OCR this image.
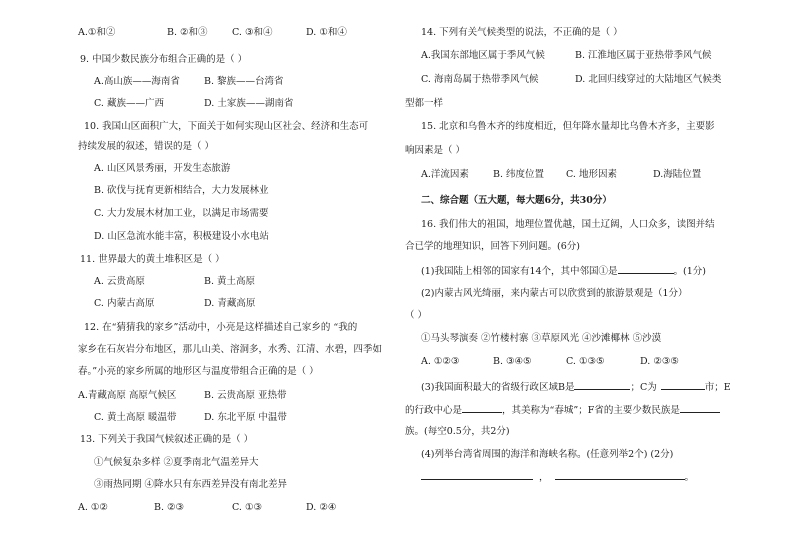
A.①和②	B. ②和③	C. ③和④	D. ①和④
9. 中国少数民族分布组合正确的是（ ）
A.高山族——海南省	B. 黎族——台湾省
C. 藏族——广西	D. 土家族——湖南省
10. 我国山区面积广大，下面关于如何实现山区社会、经济和生态可
持续发展的叙述，错误的是（ ）
A. 山区风景秀丽，开发生态旅游
B. 砍伐与抚育更新相结合，大力发展林业
C. 大力发展木材加工业，以满足市场需要
D. 山区急流水能丰富，积极建设小水电站
11. 世界最大的黄土堆积区是（ ）
A. 云贵高原	B. 黄土高原
C. 内蒙古高原	D. 青藏高原
12. 在“猜猜我的家乡”活动中，小亮是这样描述自己家乡的 “我的
家乡在石灰岩分布地区，那儿山美、溶洞多，水秀、江清、水碧，四季如
春。”小亮的家乡所属的地形区与温度带组合正确的是（ ）
A.青藏高原 高原气候区	B. 云贵高原 亚热带
C. 黄土高原 暖温带	D. 东北平原 中温带
13. 下列关于我国气候叙述正确的是（ ）
①气候复杂多样 ②夏季南北气温差异大
③雨热同期 ④降水只有东西差异没有南北差异
A. ①②	B. ②③	C. ①③	D. ②④
14. 下列有关气候类型的说法，不正确的是（ ）
A.我国东部地区属于季风气候	B. 江淮地区属于亚热带季风气候
C. 海南岛属于热带季风气候	D. 北回归线穿过的大陆地区气候类
型都一样
15. 北京和乌鲁木齐的纬度相近，但年降水量却比乌鲁木齐多，主要影
响因素是（ ）
A.洋流因素	B. 纬度位置 C. 地形因素	D.海陆位置
二、综合题（五大题，每大题6分，共30分）
16. 我们伟大的祖国，地理位置优越，国土辽阔，人口众多，读图并结
合已学的地理知识，回答下列问题。(6分)
(1)我国陆上相邻的国家有14个，其中邻国①是	。(1分)
(2)内蒙古风光绮丽，来内蒙古可以欣赏到的旅游景观是（1分）
（ ）
①马头琴演奏 ②竹楼村寨 ③草原风光 ④沙滩椰林 ⑤沙漠
A. ①②③	B. ③④⑤	C. ①③⑤	D. ②③⑤
(3)我国面积最大的省级行政区域B是	；C为	市；E
的行政中心是	，其美称为“春城”；F省的主要少数民族是
族。(每空0.5分，共2分)
(4)列举台湾省周围的海洋和海峡名称。(任意列举2个) (2分)
，	。
